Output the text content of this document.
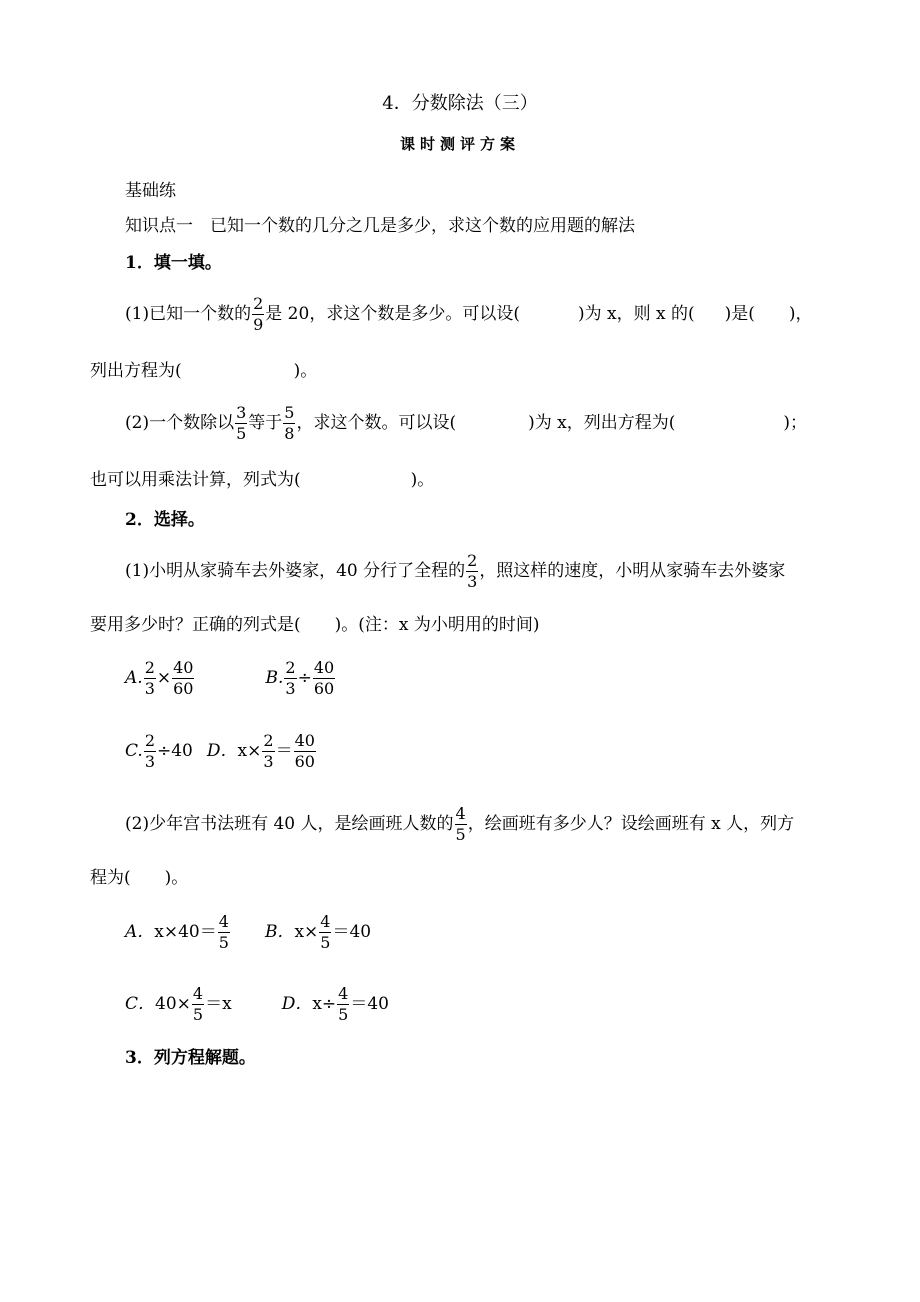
4．分数除法（三）
课时测评方案
基础练
知识点一　已知一个数的几分之几是多少，求这个数的应用题的解法
1．填一填。
(1)已知一个数的 $\frac{2}{9}$ 是 20，求这个数是多少。可以设(	)为 x，则 x 的( )是( )，
列出方程为(	)。
(2)一个数除以 $\frac{3}{5}$ 等于 $\frac{5}{8}$ ，求这个数。可以设(	)为 x，列出方程为(	)；
也可以用乘法计算，列式为(	)。
2．选择。
(1)小明从家骑车去外婆家，40 分行了全程的 $\frac{2}{3}$ ，照这样的速度，小明从家骑车去外婆家
要用多少时？正确的列式是(　　)。(注：x 为小明用的时间)
A. $\frac{2}{3} \times \frac{40}{60}$	B. $\frac{2}{3} \div \frac{40}{60}$
C. $\frac{2}{3} \div 40$ D．$x\times \frac{2}{3} = \frac{40}{60}$
(2)少年宫书法班有 40 人，是绘画班人数的 $\frac{4}{5}$ ，绘画班有多少人？设绘画班有 x 人，列方
程为(　　)。
A．$x\times 40= \frac{4}{5}$ B．$x\times \frac{4}{5} =40$
C．$40\times \frac{4}{5} =x$	D．$x\div \frac{4}{5} =40$
3．列方程解题。
